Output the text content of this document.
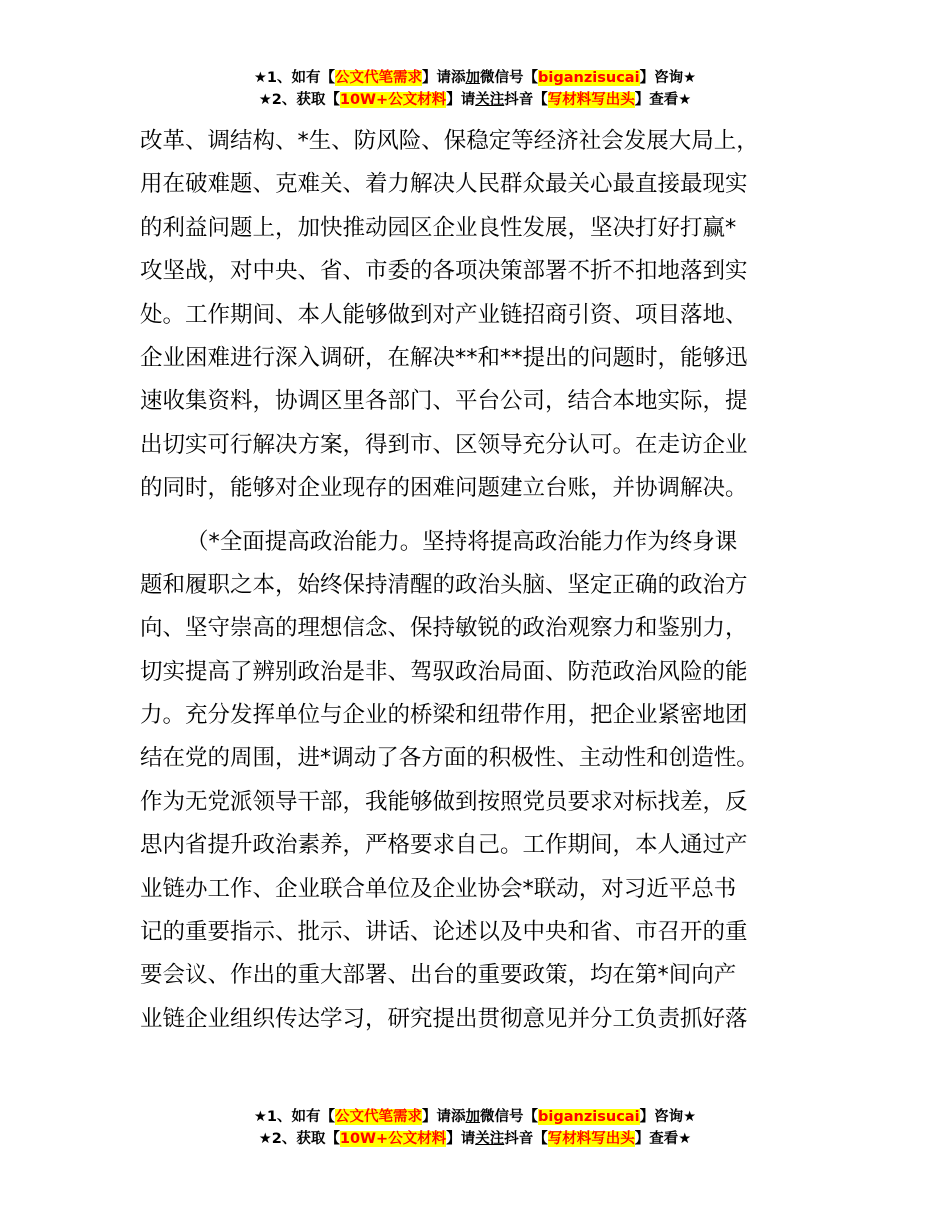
★1、如有【公文代笔需求】请添加微信号【biganzisucai】咨询★
★2、获取【10W+公文材料】请关注抖音【写材料写出头】查看★
改革、调结构、*生、防风险、保稳定等经济社会发展大局上，
用在破难题、克难关、着力解决人民群众最关心最直接最现实
的利益问题上，加快推动园区企业良性发展，坚决打好打赢*
攻坚战，对中央、省、市委的各项决策部署不折不扣地落到实
处。工作期间、本人能够做到对产业链招商引资、项目落地、
企业困难进行深入调研，在解决**和**提出的问题时，能够迅
速收集资料，协调区里各部门、平台公司，结合本地实际，提
出切实可行解决方案，得到市、区领导充分认可。在走访企业
的同时，能够对企业现存的困难问题建立台账，并协调解决。
（*全面提高政治能力。坚持将提高政治能力作为终身课
题和履职之本，始终保持清醒的政治头脑、坚定正确的政治方
向、坚守崇高的理想信念、保持敏锐的政治观察力和鉴别力，
切实提高了辨别政治是非、驾驭政治局面、防范政治风险的能
力。充分发挥单位与企业的桥梁和纽带作用，把企业紧密地团
结在党的周围，进*调动了各方面的积极性、主动性和创造性。
作为无党派领导干部，我能够做到按照党员要求对标找差，反
思内省提升政治素养，严格要求自己。工作期间，本人通过产
业链办工作、企业联合单位及企业协会*联动，对习近平总书
记的重要指示、批示、讲话、论述以及中央和省、市召开的重
要会议、作出的重大部署、出台的重要政策，均在第*间向产
业链企业组织传达学习，研究提出贯彻意见并分工负责抓好落
★1、如有【公文代笔需求】请添加微信号【biganzisucai】咨询★
★2、获取【10W+公文材料】请关注抖音【写材料写出头】查看★
